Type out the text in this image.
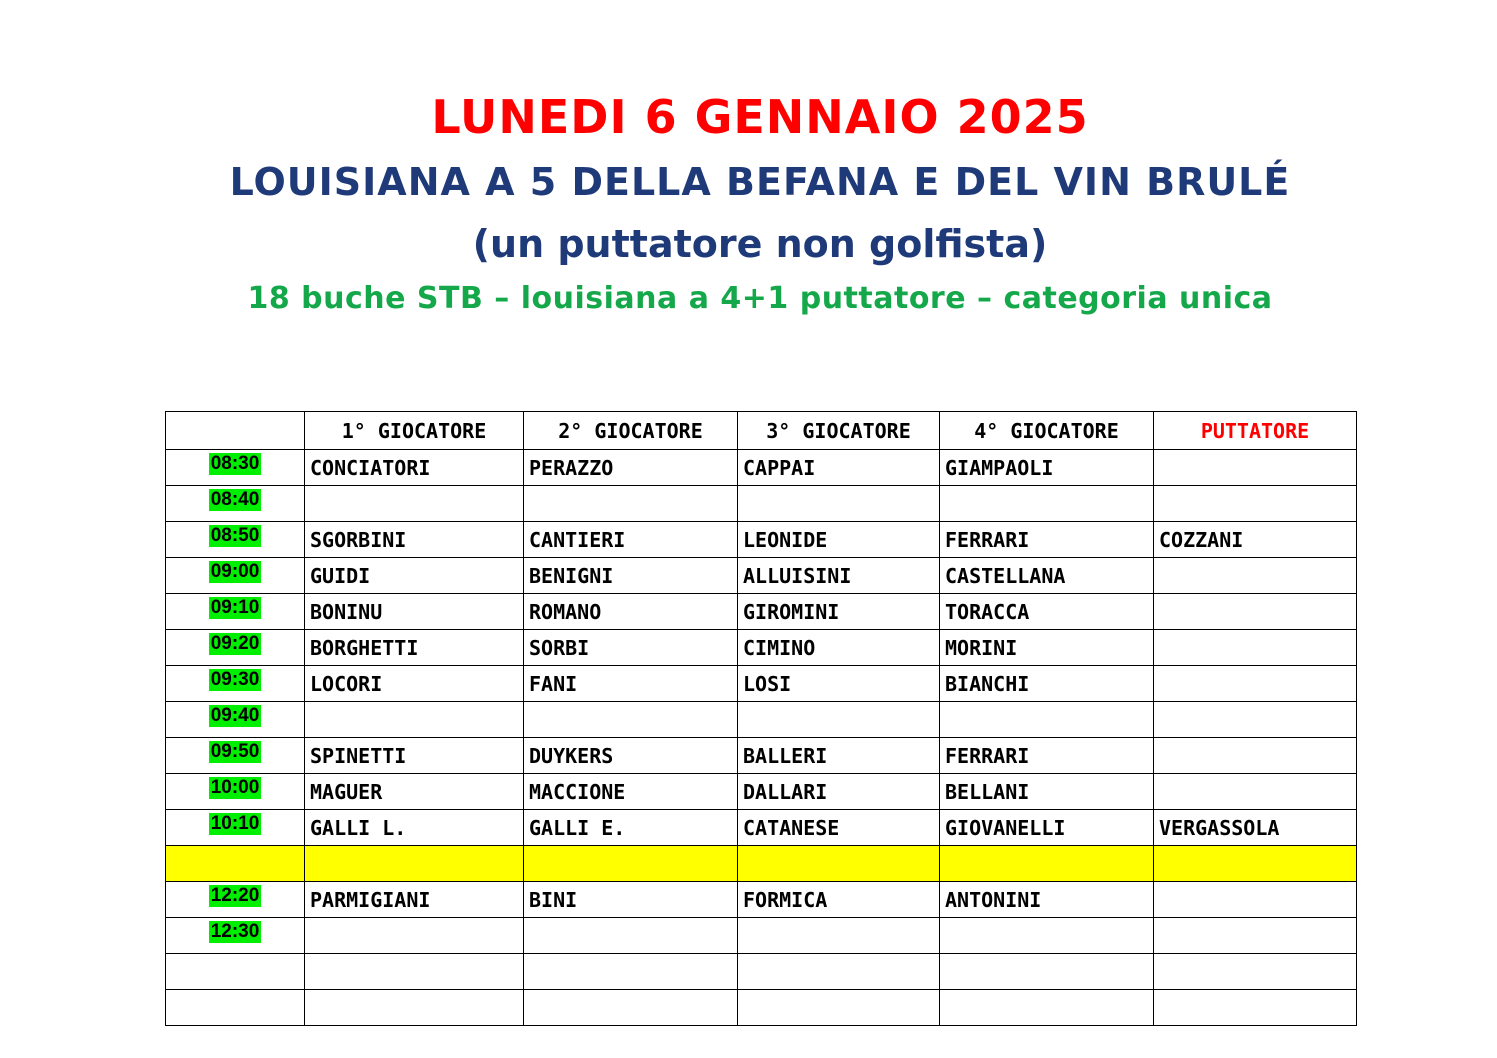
LUNEDI 6 GENNAIO 2025
LOUISIANA A 5 DELLA BEFANA E DEL VIN BRULÉ
(un puttatore non golfista)
18 buche STB – louisiana a 4+1 puttatore – categoria unica
	1° GIOCATORE	2° GIOCATORE	3° GIOCATORE	4° GIOCATORE	PUTTATORE
08:30	CONCIATORI	PERAZZO	CAPPAI	GIAMPAOLI	
08:40					
08:50	SGORBINI	CANTIERI	LEONIDE	FERRARI	COZZANI
09:00	GUIDI	BENIGNI	ALLUISINI	CASTELLANA	
09:10	BONINU	ROMANO	GIROMINI	TORACCA	
09:20	BORGHETTI	SORBI	CIMINO	MORINI	
09:30	LOCORI	FANI	LOSI	BIANCHI	
09:40					
09:50	SPINETTI	DUYKERS	BALLERI	FERRARI	
10:00	MAGUER	MACCIONE	DALLARI	BELLANI	
10:10	GALLI L.	GALLI E.	CATANESE	GIOVANELLI	VERGASSOLA

12:20	PARMIGIANI	BINI	FORMICA	ANTONINI	
12:30					
